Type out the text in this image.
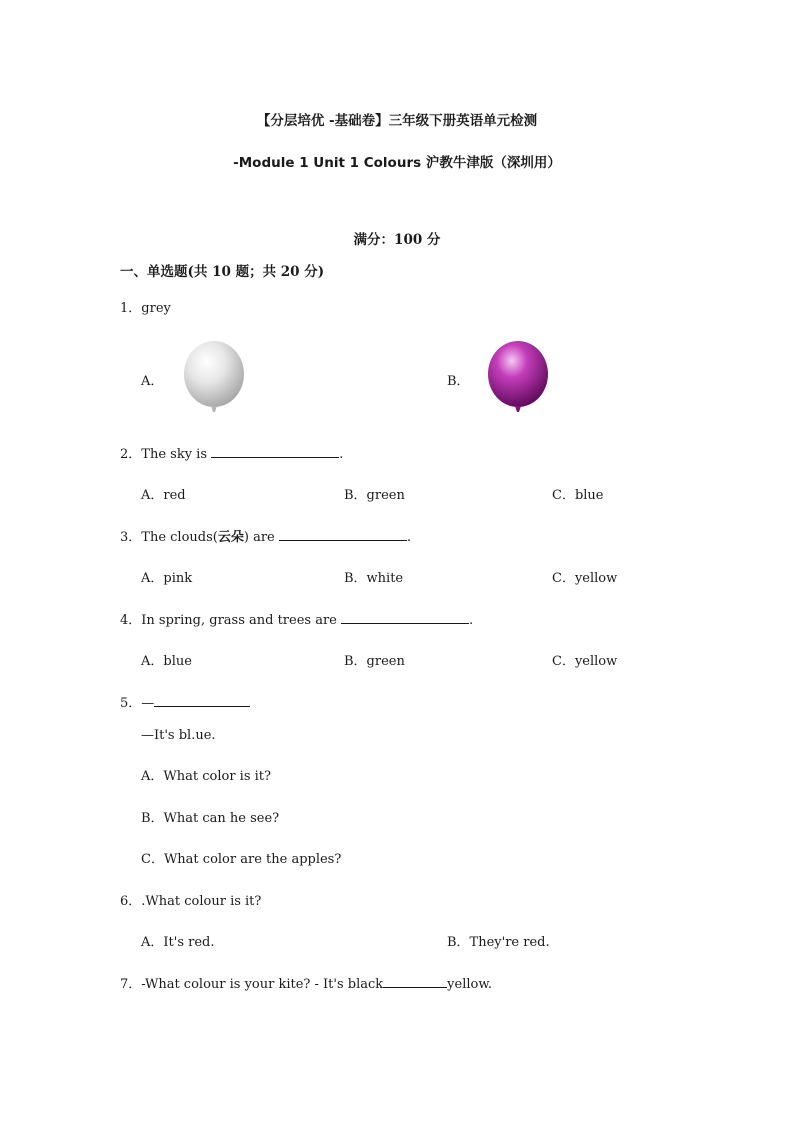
【分层培优 -基础卷】三年级下册英语单元检测
-Module 1 Unit 1 Colours 沪教牛津版（深圳用）
满分：100 分
一、单选题(共 10 题；共 20 分)
1．grey
A．	B．
2．The sky is	.
A．red	B．green	C．blue
3．The clouds(云朵) are	.
A．pink	B．white	C．yellow
4．In spring, grass and trees are	.
A．blue	B．green	C．yellow
5．—
—It's bl.ue.
A．What color is it?
B．What can he see?
C．What color are the apples?
6．.What colour is it?
A．It's red.	B．They're red.
7．-What colour is your kite? - It's black	yellow.
